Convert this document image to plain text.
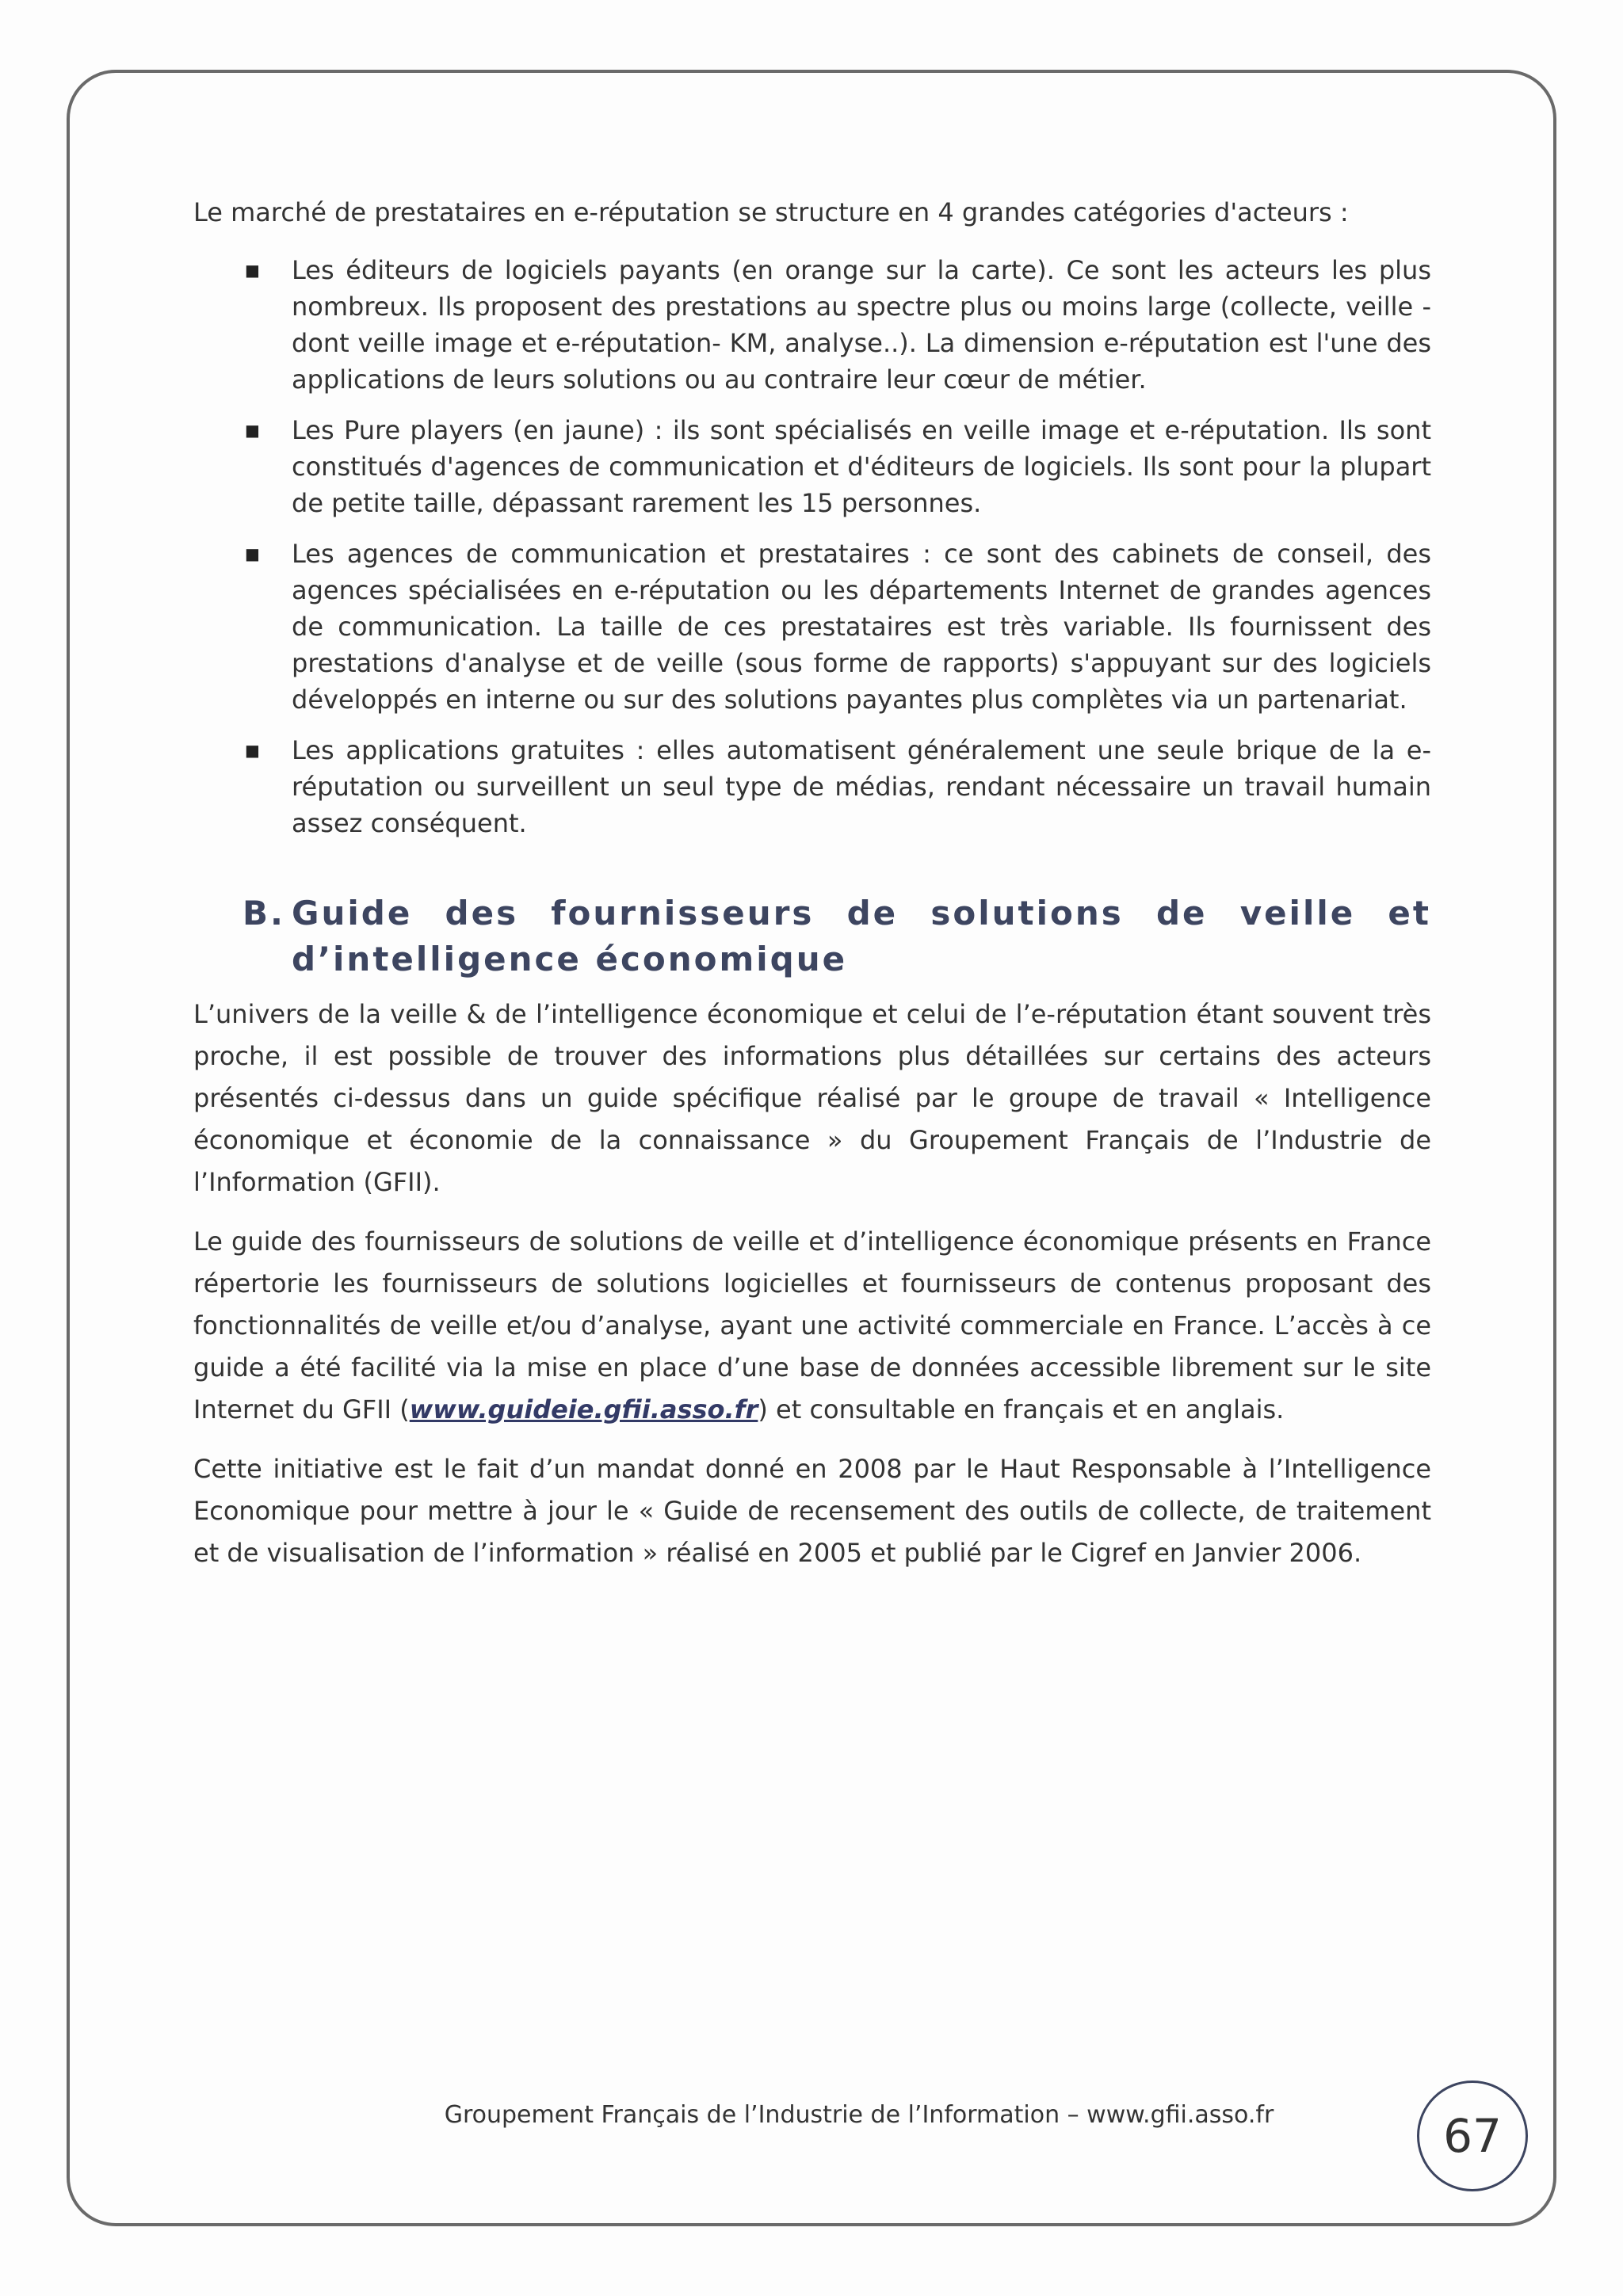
Le marché de prestataires en e-réputation se structure en 4 grandes catégories d'acteurs :

■ Les éditeurs de logiciels payants (en orange sur la carte). Ce sont les acteurs les plus nombreux. Ils proposent des prestations au spectre plus ou moins large (collecte, veille - dont veille image et e-réputation- KM, analyse..). La dimension e-réputation est l'une des applications de leurs solutions ou au contraire leur cœur de métier.
■ Les Pure players (en jaune) : ils sont spécialisés en veille image et e-réputation. Ils sont constitués d'agences de communication et d'éditeurs de logiciels. Ils sont pour la plupart de petite taille, dépassant rarement les 15 personnes.
■ Les agences de communication et prestataires : ce sont des cabinets de conseil, des agences spécialisées en e-réputation ou les départements Internet de grandes agences de communication. La taille de ces prestataires est très variable. Ils fournissent des prestations d'analyse et de veille (sous forme de rapports) s'appuyant sur des logiciels développés en interne ou sur des solutions payantes plus complètes via un partenariat.
■ Les applications gratuites : elles automatisent généralement une seule brique de la e-réputation ou surveillent un seul type de médias, rendant nécessaire un travail humain assez conséquent.
B. Guide des fournisseurs de solutions de veille et d’intelligence économique

L’univers de la veille & de l’intelligence économique et celui de l’e-réputation étant souvent très proche, il est possible de trouver des informations plus détaillées sur certains des acteurs présentés ci-dessus dans un guide spécifique réalisé par le groupe de travail « Intelligence économique et économie de la connaissance » du Groupement Français de l’Industrie de l’Information (GFII).

Le guide des fournisseurs de solutions de veille et d’intelligence économique présents en France répertorie les fournisseurs de solutions logicielles et fournisseurs de contenus proposant des fonctionnalités de veille et/ou d’analyse, ayant une activité commerciale en France. L’accès à ce guide a été facilité via la mise en place d’une base de données accessible librement sur le site Internet du GFII (www.guideie.gfii.asso.fr) et consultable en français et en anglais.

Cette initiative est le fait d’un mandat donné en 2008 par le Haut Responsable à l’Intelligence Economique pour mettre à jour le « Guide de recensement des outils de collecte, de traitement et de visualisation de l’information » réalisé en 2005 et publié par le Cigref en Janvier 2006.

Groupement Français de l’Industrie de l’Information – www.gfii.asso.fr	67
